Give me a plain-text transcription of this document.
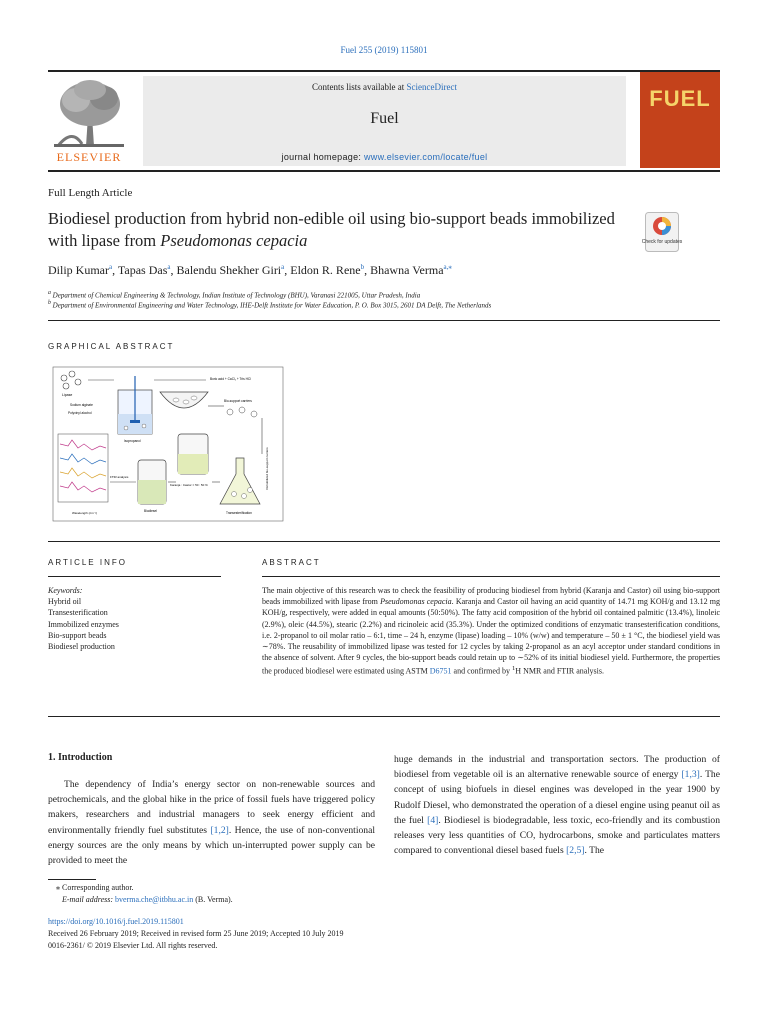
Fuel 255 (2019) 115801
ELSEVIER
Contents lists available at ScienceDirect
Fuel
journal homepage: www.elsevier.com/locate/fuel
FUEL
Full Length Article
Biodiesel production from hybrid non-edible oil using bio-support beads immobilized with lipase from Pseudomonas cepacia	Check for updates
Dilip Kumar$^a$, Tapas Das$^a$, Balendu Shekher Giri$^a$, Eldon R. Rene$^b$, Bhawna Verma$^{a,⁎}$
$^a$ Department of Chemical Engineering & Technology, Indian Institute of Technology (BHU), Varanasi 221005, Uttar Pradesh, India
$^b$ Department of Environmental Engineering and Water Technology, IHE-Delft Institute for Water Education, P. O. Box 3015, 2601 DA Delft, The Netherlands
GRAPHICAL ABSTRACT
Lipase
Sodium alginate
Polyvinyl alcohol
Isopropanol
Boric acid + CaCl₂ + Tris HCl
Bio-support carriers
Wavelength (cm⁻¹)
FTIR analysis
Biodiesel
Karanja : Castor = 50 : 50 %
Transesterification
Immobilized bio-support carriers
ARTICLE INFO	ABSTRACT
Keywords:
Hybrid oil
Transesterification
Immobilized enzymes
Bio-support beads
Biodiesel production
The main objective of this research was to check the feasibility of producing biodiesel from hybrid (Karanja and Castor) oil using bio-support beads immobilized with lipase from Pseudomonas cepacia. Karanja and Castor oil having an acid quantity of 14.71 mg KOH/g and 13.12 mg KOH/g, respectively, were added in equal amounts (50:50%). The fatty acid composition of the hybrid oil contained palmitic (13.4%), linoleic (2.9%), oleic (44.5%), stearic (2.2%) and ricinoleic acid (35.3%). Under the optimized conditions of enzymatic transesterification conditions, i.e. 2-propanol to oil molar ratio – 6:1, time – 24 h, enzyme (lipase) loading – 10% (w/w) and temperature – 50 ± 1 °C, the biodiesel yield was ∼78%. The reusability of immobilized lipase was tested for 12 cycles by taking 2-propanol as an acyl acceptor under standard conditions in the absence of solvent. After 9 cycles, the bio-support beads could retain up to ∼52% of its initial biodiesel yield. Furthermore, the properties the produced biodiesel were estimated using ASTM D6751 and confirmed by $^1$H NMR and FTIR analysis.
1. Introduction
The dependency of India’s energy sector on non-renewable sources and petrochemicals, and the global hike in the price of fossil fuels have triggered policy makers, researchers and industrial managers to seek energy efficient and environmentally friendly fuel substitutes [1,2]. Hence, the use of non-conventional energy sources are the only means by which un-interrupted power supply can be provided to meet the
huge demands in the industrial and transportation sectors. The production of biodiesel from vegetable oil is an alternative renewable source of energy [1,3]. The concept of using biofuels in diesel engines was developed in the year 1900 by Rudolf Diesel, who demonstrated the operation of a diesel engine using peanut oil as the fuel [4]. Biodiesel is biodegradable, less toxic, eco-friendly and its combustion releases very less quantities of CO, hydrocarbons, smoke and particulates matters compared to conventional diesel based fuels [2,5]. The
⁎ Corresponding author.
E-mail address: bverma.che@itbhu.ac.in (B. Verma).
https://doi.org/10.1016/j.fuel.2019.115801
Received 26 February 2019; Received in revised form 25 June 2019; Accepted 10 July 2019
0016-2361/ © 2019 Elsevier Ltd. All rights reserved.
